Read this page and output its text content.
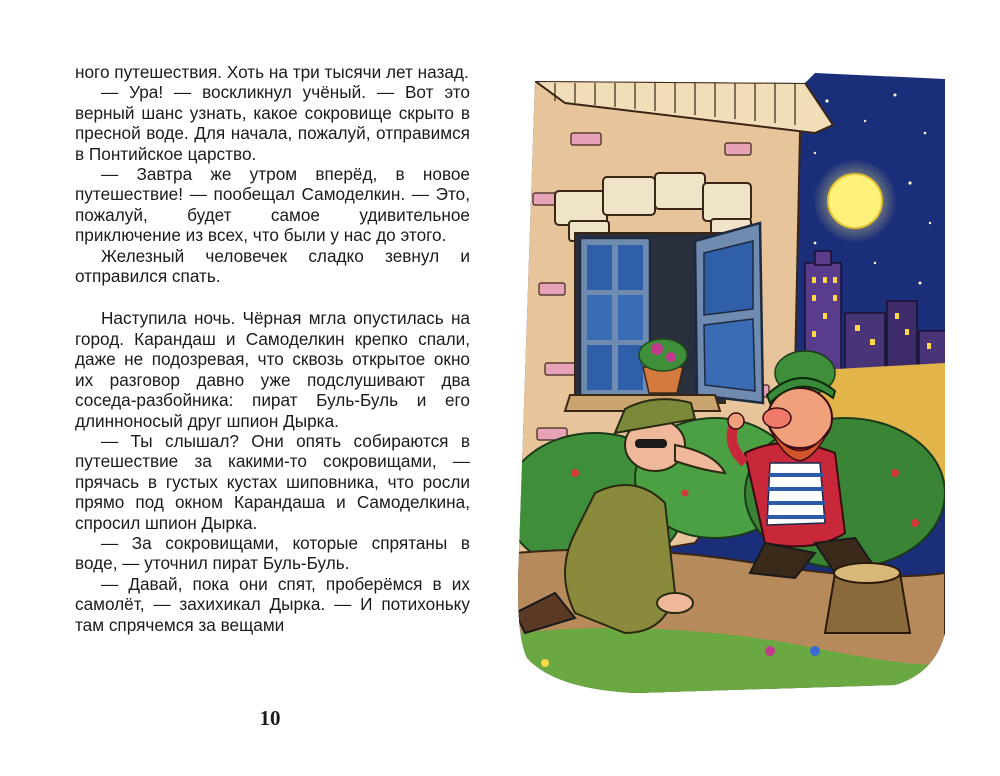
ного путешествия. Хоть на три тысячи лет назад.

— Ура! — воскликнул учёный. — Вот это верный шанс узнать, какое сокровище скрыто в пресной воде. Для начала, пожалуй, отправимся в Понтийское царство.

— Завтра же утром вперёд, в новое путешествие! — пообещал Самоделкин. — Это, пожалуй, будет самое удивительное приключение из всех, что были у нас до этого.

Железный человечек сладко зевнул и отправился спать.

Наступила ночь. Чёрная мгла опустилась на город. Карандаш и Самоделкин крепко спали, даже не подозревая, что сквозь открытое окно их разговор давно уже подслушивают два соседа-разбойника: пират Буль-Буль и его длинноносый друг шпион Дырка.

— Ты слышал? Они опять собираются в путешествие за какими-то сокровищами, — прячась в густых кустах шиповника, что росли прямо под окном Карандаша и Самоделкина, спросил шпион Дырка.

— За сокровищами, которые спрятаны в воде, — уточнил пират Буль-Буль.

— Давай, пока они спят, проберёмся в их самолёт, — захихикал Дырка. — И потихоньку там спрячемся за вещами

10
